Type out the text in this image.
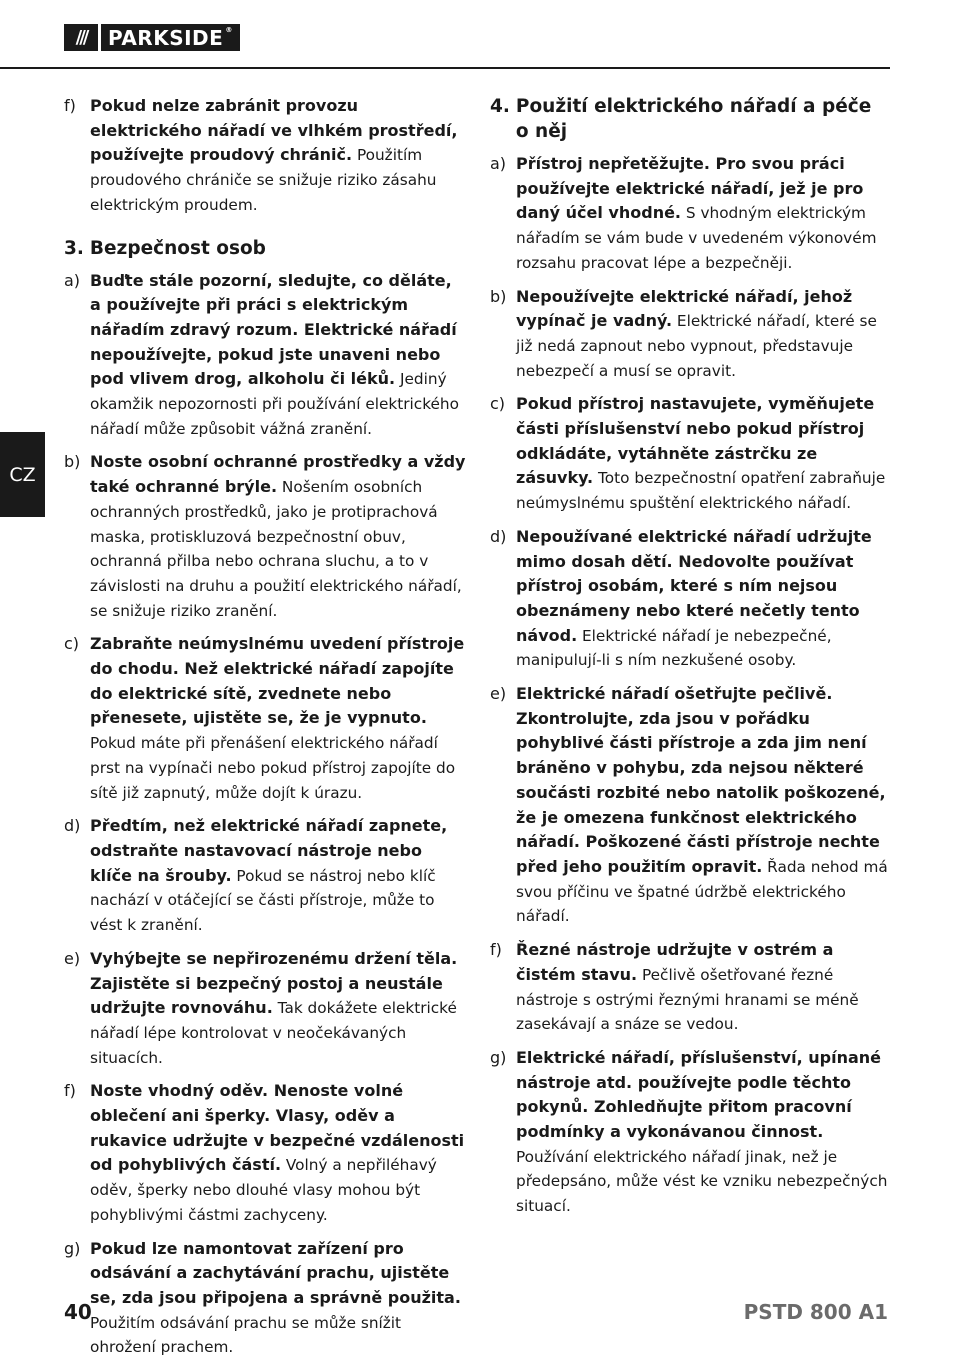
///	PARKSIDE ®
CZ
f) Pokud nelze zabránit provozu elektrického nářadí ve vlhkém prostředí, používejte proudový chránič. Použitím proudového chrániče se snižuje riziko zásahu elektrickým proudem.
3. Bezpečnost osob
a) Buďte stále pozorní, sledujte, co děláte, a používejte při práci s elektrickým nářadím zdravý rozum. Elektrické nářadí nepoužívejte, pokud jste unaveni nebo pod vlivem drog, alkoholu či léků. Jediný okamžik nepozornosti při používání elektrického nářadí může způsobit vážná zranění.
b) Noste osobní ochranné prostředky a vždy také ochranné brýle. Nošením osobních ochranných prostředků, jako je protiprachová maska, protiskluzová bezpečnostní obuv, ochranná přilba nebo ochrana sluchu, a to v závislosti na druhu a použití elektrického nářadí, se snižuje riziko zranění.
c) Zabraňte neúmyslnému uvedení přístroje do chodu. Než elektrické nářadí zapojíte do elektrické sítě, zvednete nebo přenesete, ujistěte se, že je vypnuto. Pokud máte při přenášení elektrického nářadí prst na vypínači nebo pokud přístroj zapojíte do sítě již zapnutý, může dojít k úrazu.
d) Předtím, než elektrické nářadí zapnete, odstraňte nastavovací nástroje nebo klíče na šrouby. Pokud se nástroj nebo klíč nachází v otáčející se části přístroje, může to vést k zranění.
e) Vyhýbejte se nepřirozenému držení těla. Zajistěte si bezpečný postoj a neustále udržujte rovnováhu. Tak dokážete elektrické nářadí lépe kontrolovat v neočekávaných situacích.
f) Noste vhodný oděv. Nenoste volné oblečení ani šperky. Vlasy, oděv a rukavice udržujte v bezpečné vzdálenosti od pohyblivých částí. Volný a nepřiléhavý oděv, šperky nebo dlouhé vlasy mohou být pohyblivými částmi zachyceny.
g) Pokud lze namontovat zařízení pro odsávání a zachytávání prachu, ujistěte se, zda jsou připojena a správně použita. Použitím odsávání prachu se může snížit ohrožení prachem.
4. Použití elektrického nářadí a péče o něj
a) Přístroj nepřetěžujte. Pro svou práci používejte elektrické nářadí, jež je pro daný účel vhodné. S vhodným elektrickým nářadím se vám bude v uvedeném výkonovém rozsahu pracovat lépe a bezpečněji.
b) Nepoužívejte elektrické nářadí, jehož vypínač je vadný. Elektrické nářadí, které se již nedá zapnout nebo vypnout, představuje nebezpečí a musí se opravit.
c) Pokud přístroj nastavujete, vyměňujete části příslušenství nebo pokud přístroj odkládáte, vytáhněte zástrčku ze zásuvky. Toto bezpečnostní opatření zabraňuje neúmyslnému spuštění elektrického nářadí.
d) Nepoužívané elektrické nářadí udržujte mimo dosah dětí. Nedovolte používat přístroj osobám, které s ním nejsou obeznámeny nebo které nečetly tento návod. Elektrické nářadí je nebezpečné, manipulují-li s ním nezkušené osoby.
e) Elektrické nářadí ošetřujte pečlivě. Zkontrolujte, zda jsou v pořádku pohyblivé části přístroje a zda jim není bráněno v pohybu, zda nejsou některé součásti rozbité nebo natolik poškozené, že je omezena funkčnost elektrického nářadí. Poškozené části přístroje nechte před jeho použitím opravit. Řada nehod má svou příčinu ve špatné údržbě elektrického nářadí.
f) Řezné nástroje udržujte v ostrém a čistém stavu. Pečlivě ošetřované řezné nástroje s ostrými řeznými hranami se méně zasekávají a snáze se vedou.
g) Elektrické nářadí, příslušenství, upínané nástroje atd. používejte podle těchto pokynů. Zohledňujte přitom pracovní podmínky a vykonávanou činnost. Používání elektrického nářadí jinak, než je předepsáno, může vést ke vzniku nebezpečných situací.
40	PSTD 800 A1
